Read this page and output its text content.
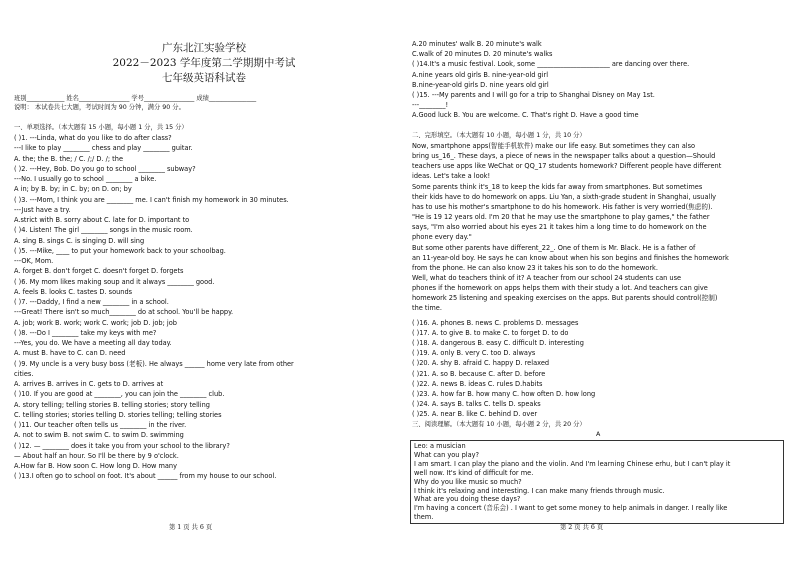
广东北江实验学校
2022－2023 学年度第二学期期中考试
七年级英语科试卷
班别____________ 姓名________________ 学号________________ 成绩_______________
说明： 本试卷共七大题，考试时间为 90 分钟，满分 90 分。
一、单项选择。（本大题有 15 小题，每小题 1 分，共 15 分）
( )1. ---Linda, what do you like to do after class?
---I like to play ________ chess and play ________ guitar.
A. the; the B. the; / C. /;/ D. /; the
( )2. ---Hey, Bob. Do you go to school ________ subway?
---No. I usually go to school ________ a bike.
A in; by B. by; in C. by; on D. on; by
( )3. ---Mom, I think you are ________ me. I can't finish my homework in 30 minutes.
---Just have a try.
A.strict with B. sorry about C. late for D. important to
( )4. Listen! The girl ________ songs in the music room.
A. sing B. sings C. is singing D. will sing
( )5. ---Mike, ____ to put your homework back to your schoolbag.
---OK, Mom.
A. forget B. don't forget C. doesn't forget D. forgets
( )6. My mom likes making soup and it always ________ good.
A. feels B. looks C. tastes D. sounds
( )7. ---Daddy, I find a new ________ in a school.
---Great! There isn't so much________ do at school. You'll be happy.
A. job; work B. work; work C. work; job D. job; job
( )8. ---Do I ________ take my keys with me?
---Yes, you do. We have a meeting all day today.
A. must B. have to C. can D. need
( )9. My uncle is a very busy boss (老板). He always ______ home very late from other
cities.
A. arrives B. arrives in C. gets to D. arrives at
( )10. If you are good at ________, you can join the ________ club.
A. story telling; telling stories B. telling stories; story telling
C. telling stories; stories telling D. stories telling; telling stories
( )11. Our teacher often tells us ________ in the river.
A. not to swim B. not swim C. to swim D. swimming
( )12. — ________ does it take you from your school to the library?
— About half an hour. So I'll be there by 9 o'clock.
A.How far B. How soon C. How long D. How many
( )13.I often go to school on foot. It's about ______ from my house to our school.
第 1 页 共 6 页
A.20 minutes' walk B. 20 minute's walk
C.walk of 20 minutes D. 20 minute's walks
( )14.It's a music festival. Look, some ______________________ are dancing over there.
A.nine years old girls B. nine-year-old girl
B.nine-year-old girls D. nine years old girl
( )15. ---My parents and I will go for a trip to Shanghai Disney on May 1st.
---________!
A.Good luck B. You are welcome. C. That's right D. Have a good time
二、完形填空。（本大题有 10 小题，每小题 1 分，共 10 分）
Now, smartphone apps(智能手机软件) make our life easy. But sometimes they can also
bring us_16_. These days, a piece of news in the newspaper talks about a question—Should
teachers use apps like WeChat or QQ_17 students homework? Different people have different
ideas. Let's take a look!
Some parents think it's_18 to keep the kids far away from smartphones. But sometimes
their kids have to do homework on apps. Liu Yan, a sixth-grade student in Shanghai, usually
has to use his mother's smartphone to do his homework. His father is very worried(焦虑的).
"He is 19 12 years old. I'm 20 that he may use the smartphone to play games," the father
says, "I'm also worried about his eyes 21 it takes him a long time to do homework on the
phone every day."
But some other parents have different_22_. One of them is Mr. Black. He is a father of
an 11-year-old boy. He says he can know about when his son begins and finishes the homework
from the phone. He can also know 23 it takes his son to do the homework.
Well, what do teachers think of it? A teacher from our school 24 students can use
phones if the homework on apps helps them with their study a lot. And teachers can give
homework 25 listening and speaking exercises on the apps. But parents should control(控制)
the time.
( )16. A. phones B. news C. problems D. messages
( )17. A. to give B. to make C. to forget D. to do
( )18. A. dangerous B. easy C. difficult D. interesting
( )19. A. only B. very C. too D. always
( )20. A. shy B. afraid C. happy D. relaxed
( )21. A. so B. because C. after D. before
( )22. A. news B. ideas C. rules D.habits
( )23. A. how far B. how many C. how often D. how long
( )24. A. says B. talks C. tells D. speaks
( )25. A. near B. like C. behind D. over
三、阅读理解。（本大题有 10 小题，每小题 2 分，共 20 分）
A
Leo: a musician
What can you play?
I am smart. I can play the piano and the violin. And I'm learning Chinese erhu, but I can't play it
well now. It's kind of difficult for me.
Why do you like music so much?
I think it's relaxing and interesting. I can make many friends through music.
What are you doing these days?
I'm having a concert (音乐会) . I want to get some money to help animals in danger. I really like
them.
第 2 页 共 6 页
